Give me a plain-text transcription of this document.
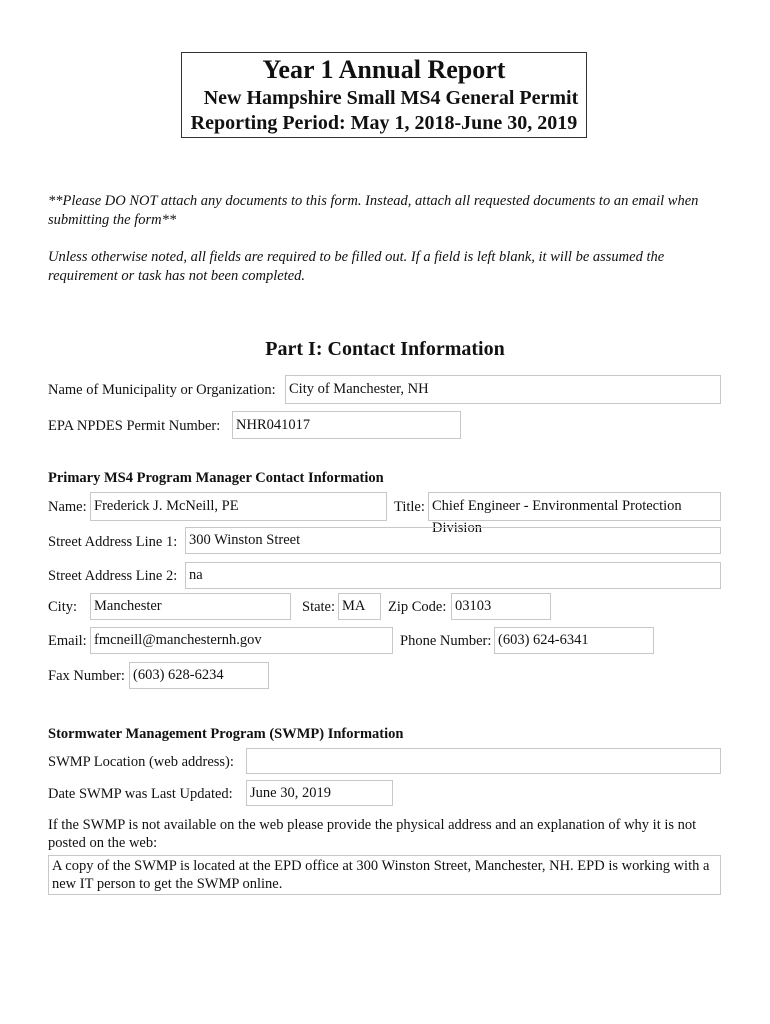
Year 1 Annual Report
New Hampshire Small MS4 General Permit
Reporting Period: May 1, 2018-June 30, 2019
**Please DO NOT attach any documents to this form. Instead, attach all requested documents to an email when submitting the form**
Unless otherwise noted, all fields are required to be filled out. If a field is left blank, it will be assumed the requirement or task has not been completed.
Part I: Contact Information
Name of Municipality or Organization: City of Manchester, NH
EPA NPDES Permit Number: NHR041017
Primary MS4 Program Manager Contact Information
Name: Frederick J. McNeill, PE	Title: Chief Engineer - Environmental Protection Division
Street Address Line 1: 300 Winston Street
Street Address Line 2: na
City: Manchester	State: MA	Zip Code: 03103
Email: fmcneill@manchesternh.gov	Phone Number: (603) 624-6341
Fax Number: (603) 628-6234
Stormwater Management Program (SWMP) Information
SWMP Location (web address):
Date SWMP was Last Updated: June 30, 2019
If the SWMP is not available on the web please provide the physical address and an explanation of why it is not posted on the web:
A copy of the SWMP is located at the EPD office at 300 Winston Street, Manchester, NH. EPD is working with a new IT person to get the SWMP online.
